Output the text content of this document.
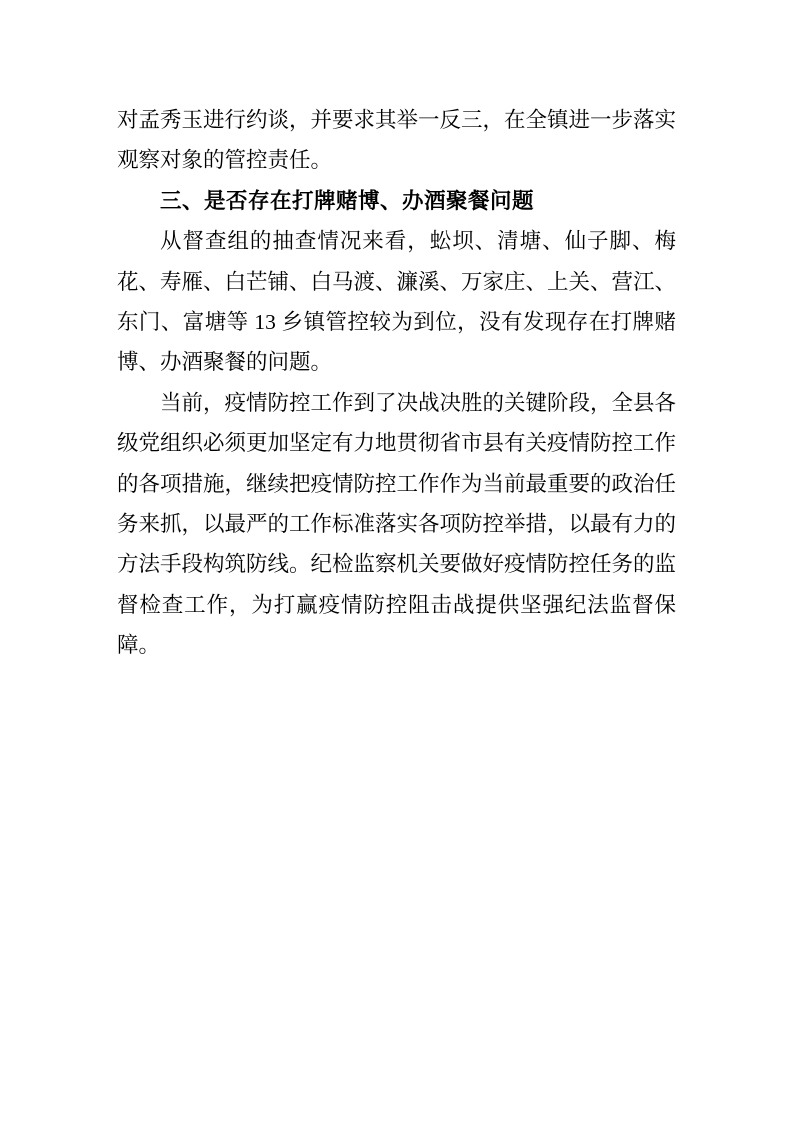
对孟秀玉进行约谈，并要求其举一反三，在全镇进一步落实观察对象的管控责任。

三、是否存在打牌赌博、办酒聚餐问题

从督查组的抽查情况来看，蚣坝、清塘、仙子脚、梅花、寿雁、白芒铺、白马渡、濂溪、万家庄、上关、营江、东门、富塘等 13 乡镇管控较为到位，没有发现存在打牌赌博、办酒聚餐的问题。

当前，疫情防控工作到了决战决胜的关键阶段，全县各级党组织必须更加坚定有力地贯彻省市县有关疫情防控工作的各项措施，继续把疫情防控工作作为当前最重要的政治任务来抓，以最严的工作标准落实各项防控举措，以最有力的方法手段构筑防线。纪检监察机关要做好疫情防控任务的监督检查工作，为打赢疫情防控阻击战提供坚强纪法监督保障。
